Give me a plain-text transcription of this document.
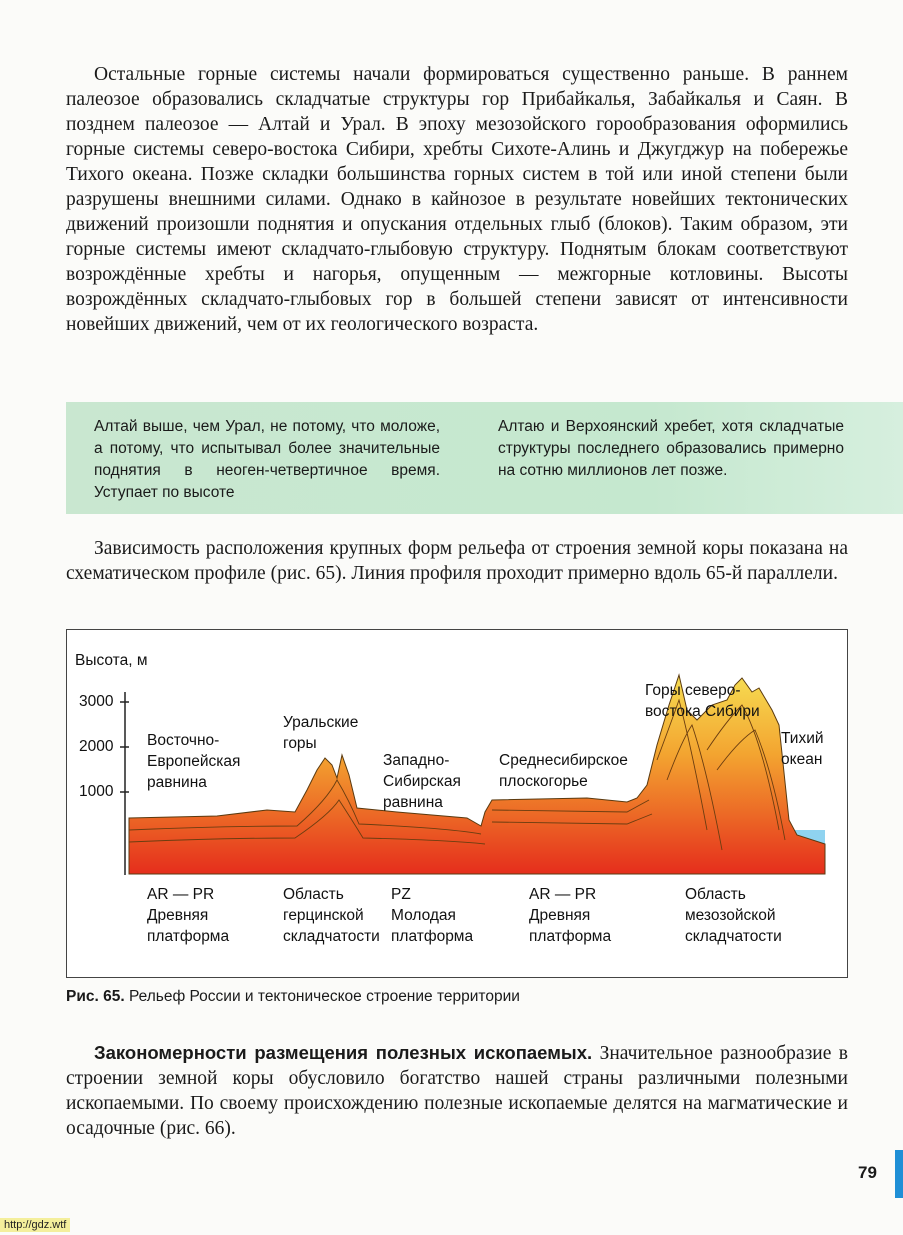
Остальные горные системы начали формироваться существенно раньше. В раннем палеозое образовались складчатые структуры гор Прибайкалья, Забайкалья и Саян. В позднем палеозое — Алтай и Урал. В эпоху мезозойского горообразования оформились горные системы северо-востока Сибири, хребты Сихоте-Алинь и Джугджур на побережье Тихого океана. Позже складки большинства горных систем в той или иной степени были разрушены внешними силами. Однако в кайнозое в результате новейших тектонических движений произошли поднятия и опускания отдельных глыб (блоков). Таким образом, эти горные системы имеют складчато-глыбовую структуру. Поднятым блокам соответствуют возрождённые хребты и нагорья, опущенным — межгорные котловины. Высоты возрождённых складчато-глыбовых гор в большей степени зависят от интенсивности новейших движений, чем от их геологического возраста.

Алтай выше, чем Урал, не потому, что моложе, а потому, что испытывал более значительные поднятия в неоген-четвертичное время. Уступает по высоте
Алтаю и Верхоянский хребет, хотя складчатые структуры последнего образовались примерно на сотню миллионов лет позже.

Зависимость расположения крупных форм рельефа от строения земной коры показана на схематическом профиле (рис. 65). Линия профиля проходит примерно вдоль 65-й параллели.

Высота, м
3000
2000
1000
Восточно-
Европейская
равнина
Уральские
горы
Западно-
Сибирская
равнина
Среднесибирское
плоскогорье
Горы северо-
востока Сибири
Тихий
океан
AR — PR
Древняя
платформа
Область
герцинской
складчатости
PZ
Молодая
платформа
AR — PR
Древняя
платформа
Область
мезозойской
складчатости
Рис. 65. Рельеф России и тектоническое строение территории

Закономерности размещения полезных ископаемых. Значительное разнообразие в строении земной коры обусловило богатство нашей страны различными полезными ископаемыми. По своему происхождению полезные ископаемые делятся на магматические и осадочные (рис. 66).

79
http://gdz.wtf
